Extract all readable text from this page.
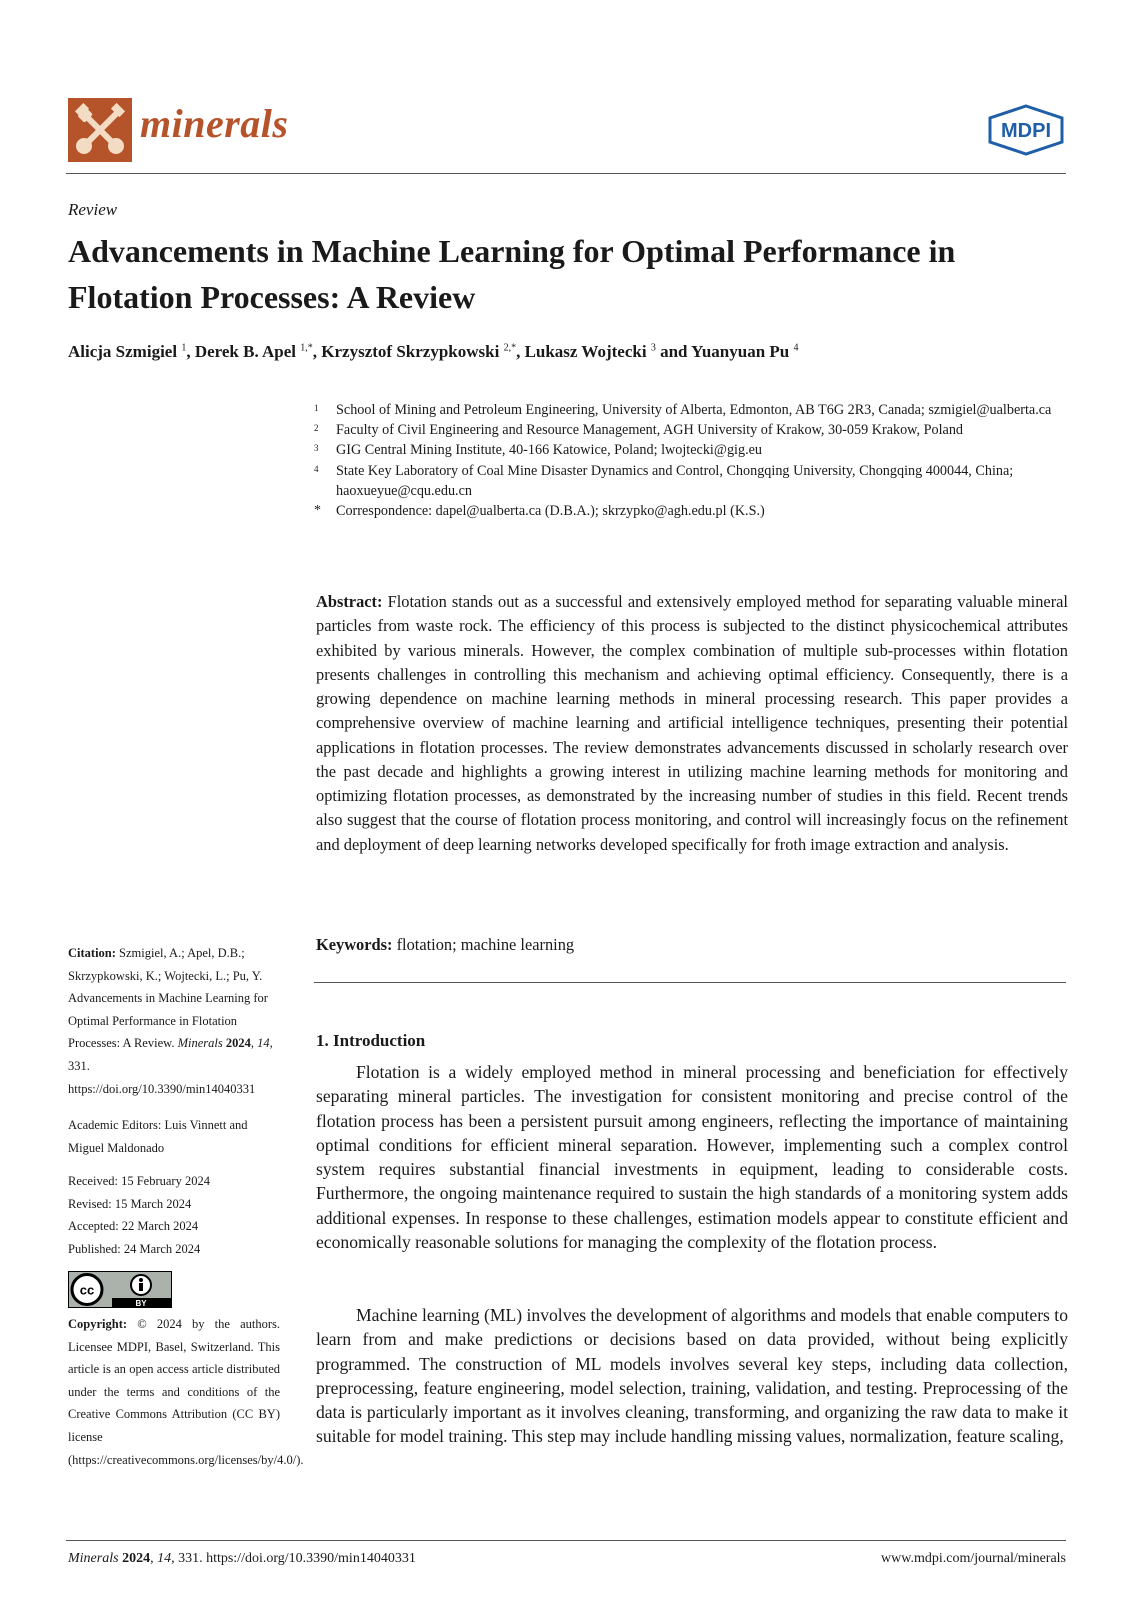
minerals	MDPI
Review
Advancements in Machine Learning for Optimal Performance in Flotation Processes: A Review
Alicja Szmigiel $^1$, Derek B. Apel $^{1,*}$, Krzysztof Skrzypkowski $^{2,*}$, Lukasz Wojtecki $^3$ and Yuanyuan Pu $^4$
1 School of Mining and Petroleum Engineering, University of Alberta, Edmonton, AB T6G 2R3, Canada; szmigiel@ualberta.ca
2 Faculty of Civil Engineering and Resource Management, AGH University of Krakow, 30-059 Krakow, Poland
3 GIG Central Mining Institute, 40-166 Katowice, Poland; lwojtecki@gig.eu
4 State Key Laboratory of Coal Mine Disaster Dynamics and Control, Chongqing University, Chongqing 400044, China; haoxueyue@cqu.edu.cn
* Correspondence: dapel@ualberta.ca (D.B.A.); skrzypko@agh.edu.pl (K.S.)

Abstract: Flotation stands out as a successful and extensively employed method for separating valuable mineral particles from waste rock. The efficiency of this process is subjected to the distinct physicochemical attributes exhibited by various minerals. However, the complex combination of multiple sub-processes within flotation presents challenges in controlling this mechanism and achieving optimal efficiency. Consequently, there is a growing dependence on machine learning methods in mineral processing research. This paper provides a comprehensive overview of machine learning and artificial intelligence techniques, presenting their potential applications in flotation processes. The review demonstrates advancements discussed in scholarly research over the past decade and highlights a growing interest in utilizing machine learning methods for monitoring and optimizing flotation processes, as demonstrated by the increasing number of studies in this field. Recent trends also suggest that the course of flotation process monitoring, and control will increasingly focus on the refinement and deployment of deep learning networks developed specifically for froth image extraction and analysis.

Keywords: flotation; machine learning

1. Introduction

Flotation is a widely employed method in mineral processing and beneficiation for effectively separating mineral particles. The investigation for consistent monitoring and precise control of the flotation process has been a persistent pursuit among engineers, reflecting the importance of maintaining optimal conditions for efficient mineral separation. However, implementing such a complex control system requires substantial financial investments in equipment, leading to considerable costs. Furthermore, the ongoing maintenance required to sustain the high standards of a monitoring system adds additional expenses. In response to these challenges, estimation models appear to constitute efficient and economically reasonable solutions for managing the complexity of the flotation process.

Machine learning (ML) involves the development of algorithms and models that enable computers to learn from and make predictions or decisions based on data provided, without being explicitly programmed. The construction of ML models involves several key steps, including data collection, preprocessing, feature engineering, model selection, training, validation, and testing. Preprocessing of the data is particularly important as it involves cleaning, transforming, and organizing the raw data to make it suitable for model training. This step may include handling missing values, normalization, feature scaling,

Citation: Szmigiel, A.; Apel, D.B.; Skrzypkowski, K.; Wojtecki, L.; Pu, Y. Advancements in Machine Learning for Optimal Performance in Flotation Processes: A Review. Minerals 2024, 14, 331. https://doi.org/10.3390/min14040331

Academic Editors: Luis Vinnett and Miguel Maldonado

Received: 15 February 2024
Revised: 15 March 2024
Accepted: 22 March 2024
Published: 24 March 2024
cc
BY

Copyright: © 2024 by the authors. Licensee MDPI, Basel, Switzerland. This article is an open access article distributed under the terms and conditions of the Creative Commons Attribution (CC BY) license (https://creativecommons.org/licenses/by/4.0/).

Minerals 2024, 14, 331. https://doi.org/10.3390/min14040331	www.mdpi.com/journal/minerals
